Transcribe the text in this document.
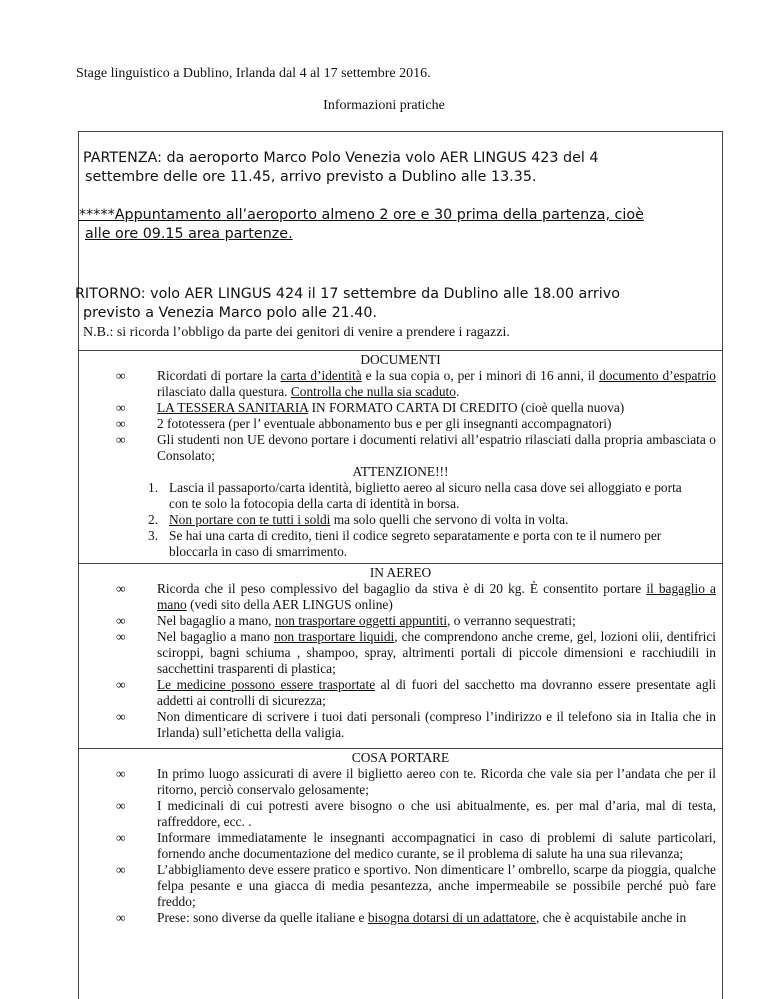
Stage linguistico a Dublino, Irlanda dal 4 al 17 settembre 2016.
Informazioni pratiche
PARTENZA: da aeroporto Marco Polo Venezia volo AER LINGUS 423 del 4
settembre delle ore 11.45, arrivo previsto a Dublino alle 13.35.
*****Appuntamento all’aeroporto almeno 2 ore e 30 prima della partenza, cioè
alle ore 09.15 area partenze.
RITORNO: volo AER LINGUS 424 il 17 settembre da Dublino alle 18.00 arrivo
previsto a Venezia Marco polo alle 21.40.
N.B.: si ricorda l’obbligo da parte dei genitori di venire a prendere i ragazzi.
DOCUMENTI
∞ Ricordati di portare la carta d’identità e la sua copia o, per i minori di 16 anni, il documento d’espatrio rilasciato dalla questura. Controlla che nulla sia scaduto.
∞ LA TESSERA SANITARIA IN FORMATO CARTA DI CREDITO (cioè quella nuova)
∞ 2 fototessera (per l’ eventuale abbonamento bus e per gli insegnanti accompagnatori)
∞ Gli studenti non UE devono portare i documenti relativi all’espatrio rilasciati dalla propria ambasciata o Consolato;
ATTENZIONE!!!
1. Lascia il passaporto/carta identità, biglietto aereo al sicuro nella casa dove sei alloggiato e porta con te solo la fotocopia della carta di identità in borsa.
2. Non portare con te tutti i soldi ma solo quelli che servono di volta in volta.
3. Se hai una carta di credito, tieni il codice segreto separatamente e porta con te il numero per bloccarla in caso di smarrimento.
IN AEREO
∞ Ricorda che il peso complessivo del bagaglio da stiva è di 20 kg. È consentito portare il bagaglio a mano (vedi sito della AER LINGUS online)
∞ Nel bagaglio a mano, non trasportare oggetti appuntiti, o verranno sequestrati;
∞ Nel bagaglio a mano non trasportare liquidi, che comprendono anche creme, gel, lozioni olii, dentifrici sciroppi, bagni schiuma , shampoo, spray, altrimenti portali di piccole dimensioni e racchiudili in sacchettini trasparenti di plastica;
∞ Le medicine possono essere trasportate al di fuori del sacchetto ma dovranno essere presentate agli addetti ai controlli di sicurezza;
∞ Non dimenticare di scrivere i tuoi dati personali (compreso l’indirizzo e il telefono sia in Italia che in Irlanda) sull’etichetta della valigia.
COSA PORTARE
∞ In primo luogo assicurati di avere il biglietto aereo con te. Ricorda che vale sia per l’andata che per il ritorno, perciò conservalo gelosamente;
∞ I medicinali di cui potresti avere bisogno o che usi abitualmente, es. per mal d’aria, mal di testa, raffreddore, ecc. .
∞ Informare immediatamente le insegnanti accompagnatici in caso di problemi di salute particolari, fornendo anche documentazione del medico curante, se il problema di salute ha una sua rilevanza;
∞ L’abbigliamento deve essere pratico e sportivo. Non dimenticare l’ ombrello, scarpe da pioggia, qualche felpa pesante e una giacca di media pesantezza, anche impermeabile se possibile perché può fare freddo;
∞ Prese: sono diverse da quelle italiane e bisogna dotarsi di un adattatore, che è acquistabile anche in
